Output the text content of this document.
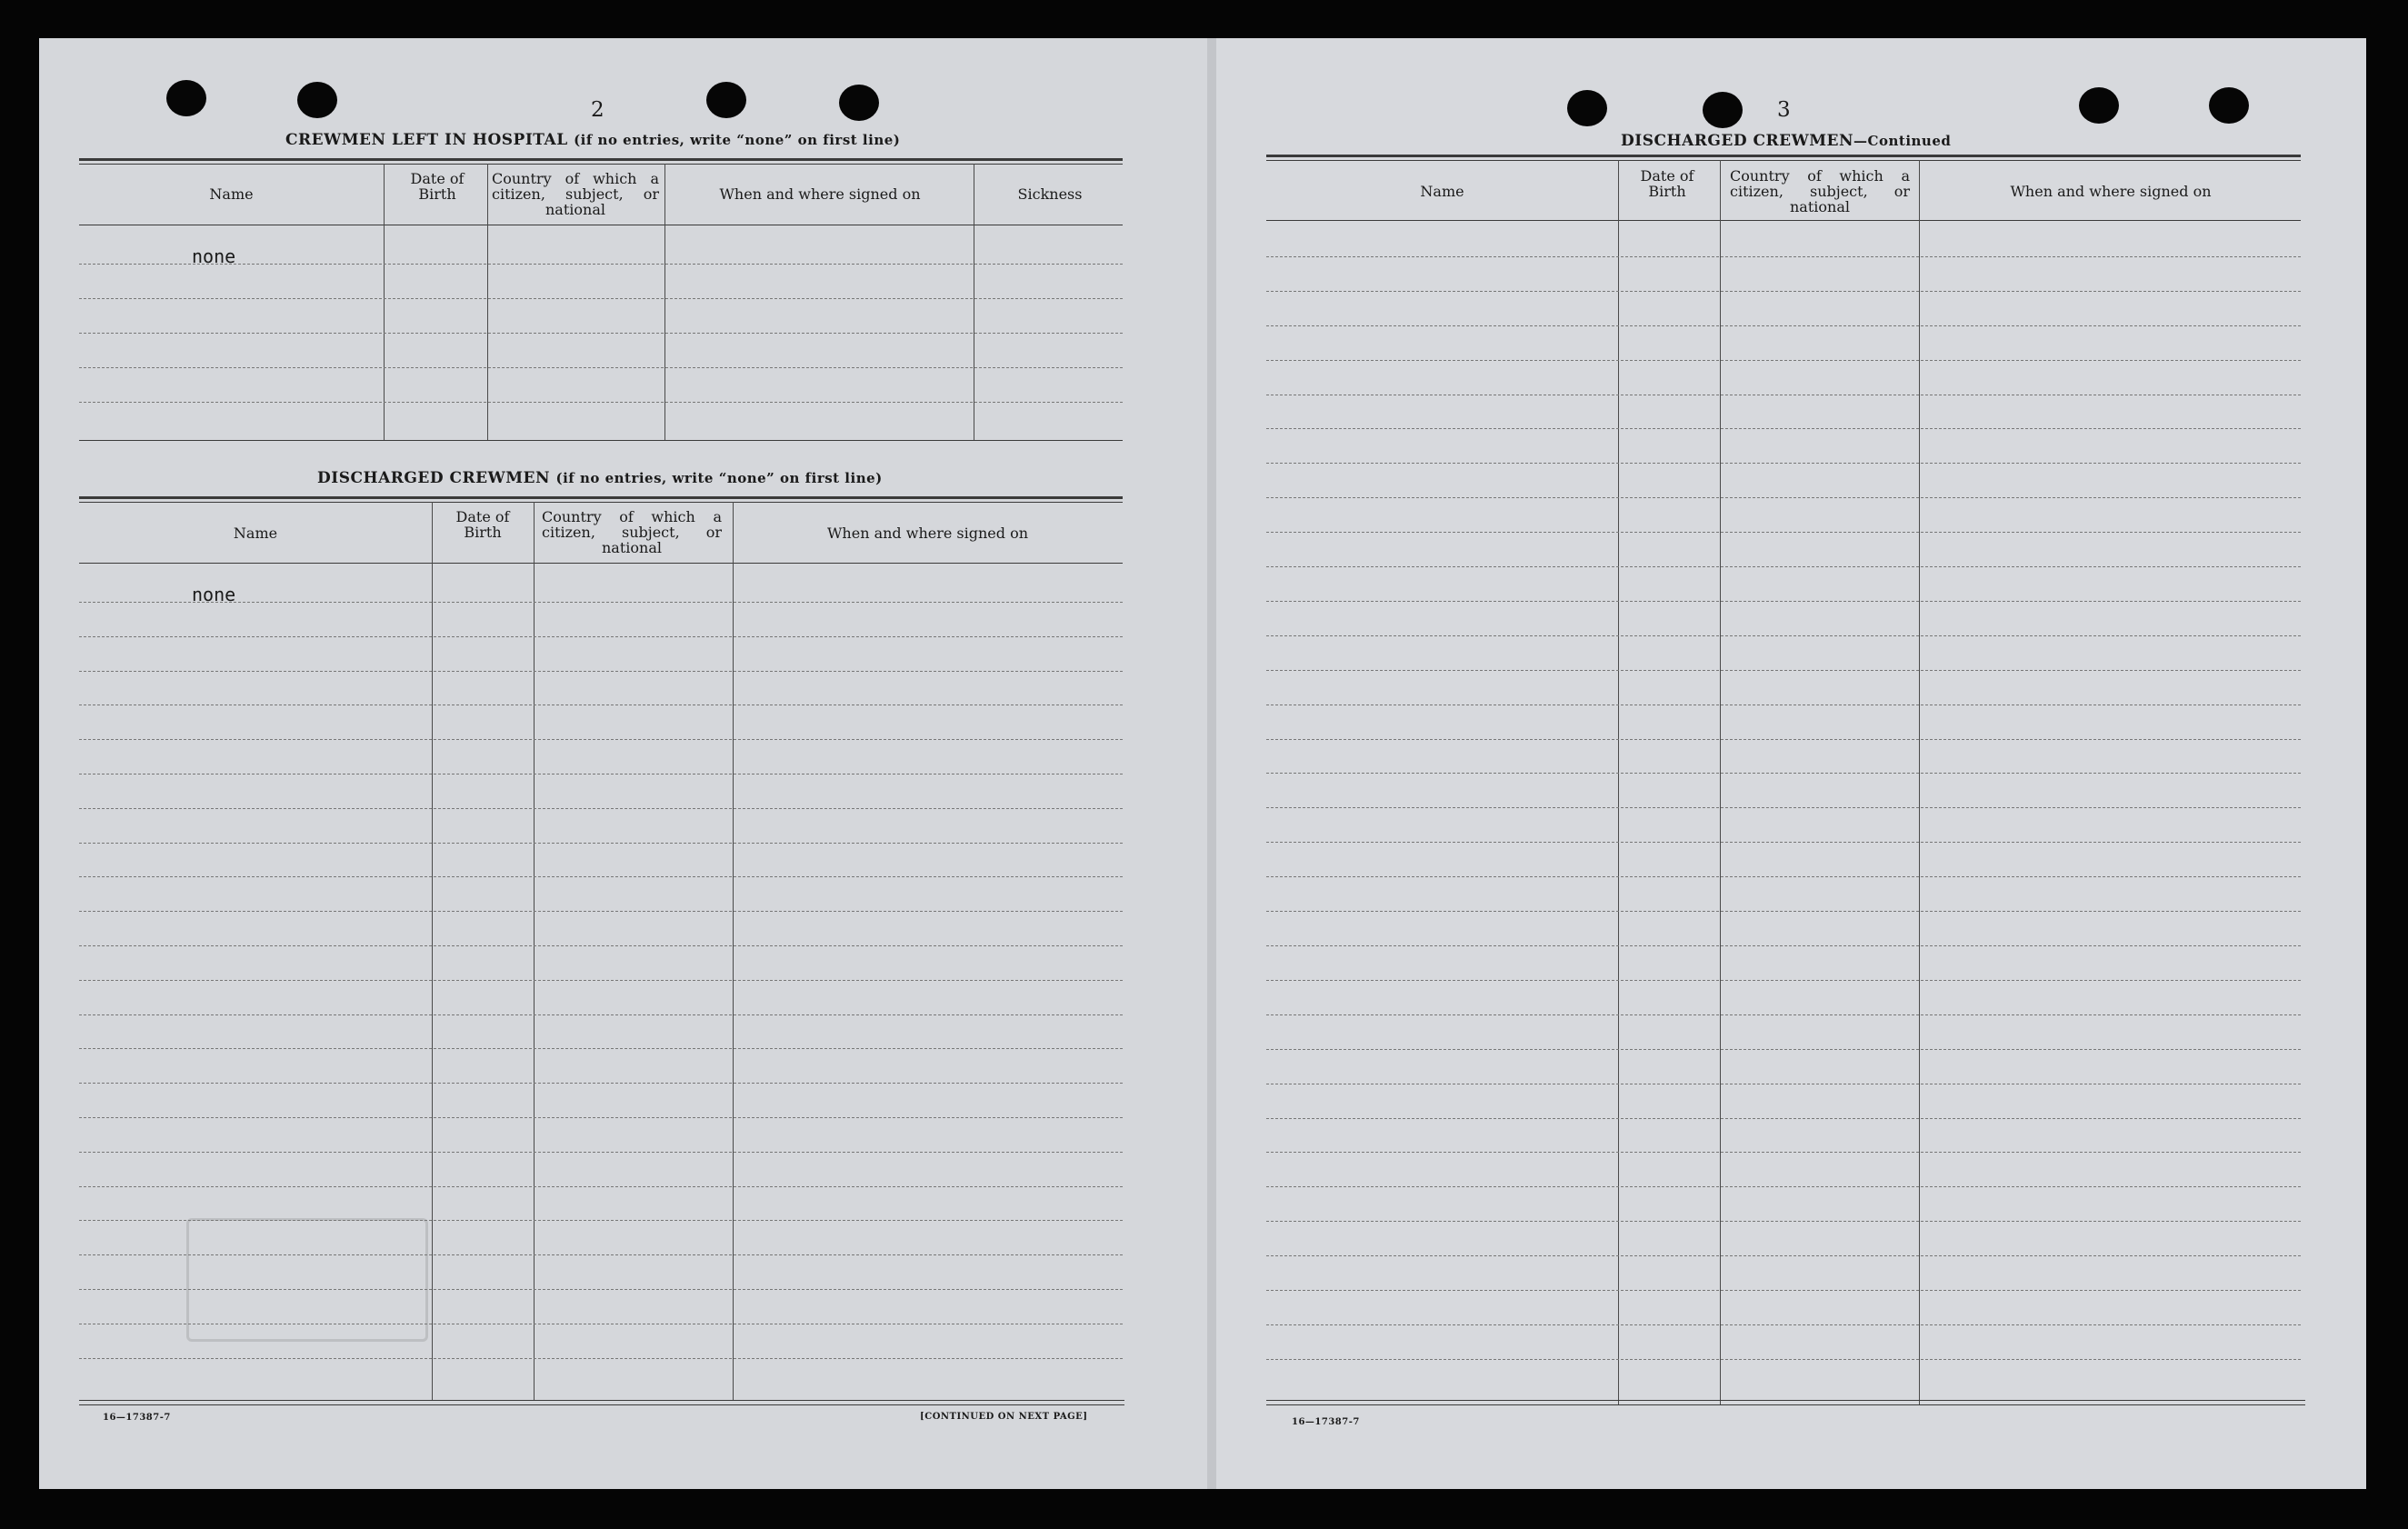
2
CREWMEN LEFT IN HOSPITAL (if no entries, write “none” on first line)
Name
Date of Birth
Country of which a citizen, subject, or national
When and where signed on	Sickness
none
DISCHARGED CREWMEN (if no entries, write “none” on first line)
Name
Date of Birth
Country of which a citizen, subject, or national
When and where signed on
none
16—17387-7	[CONTINUED ON NEXT PAGE]
3
DISCHARGED CREWMEN—Continued
Name
Date of Birth
Country of which a citizen, subject, or national
When and where signed on
16—17387-7
